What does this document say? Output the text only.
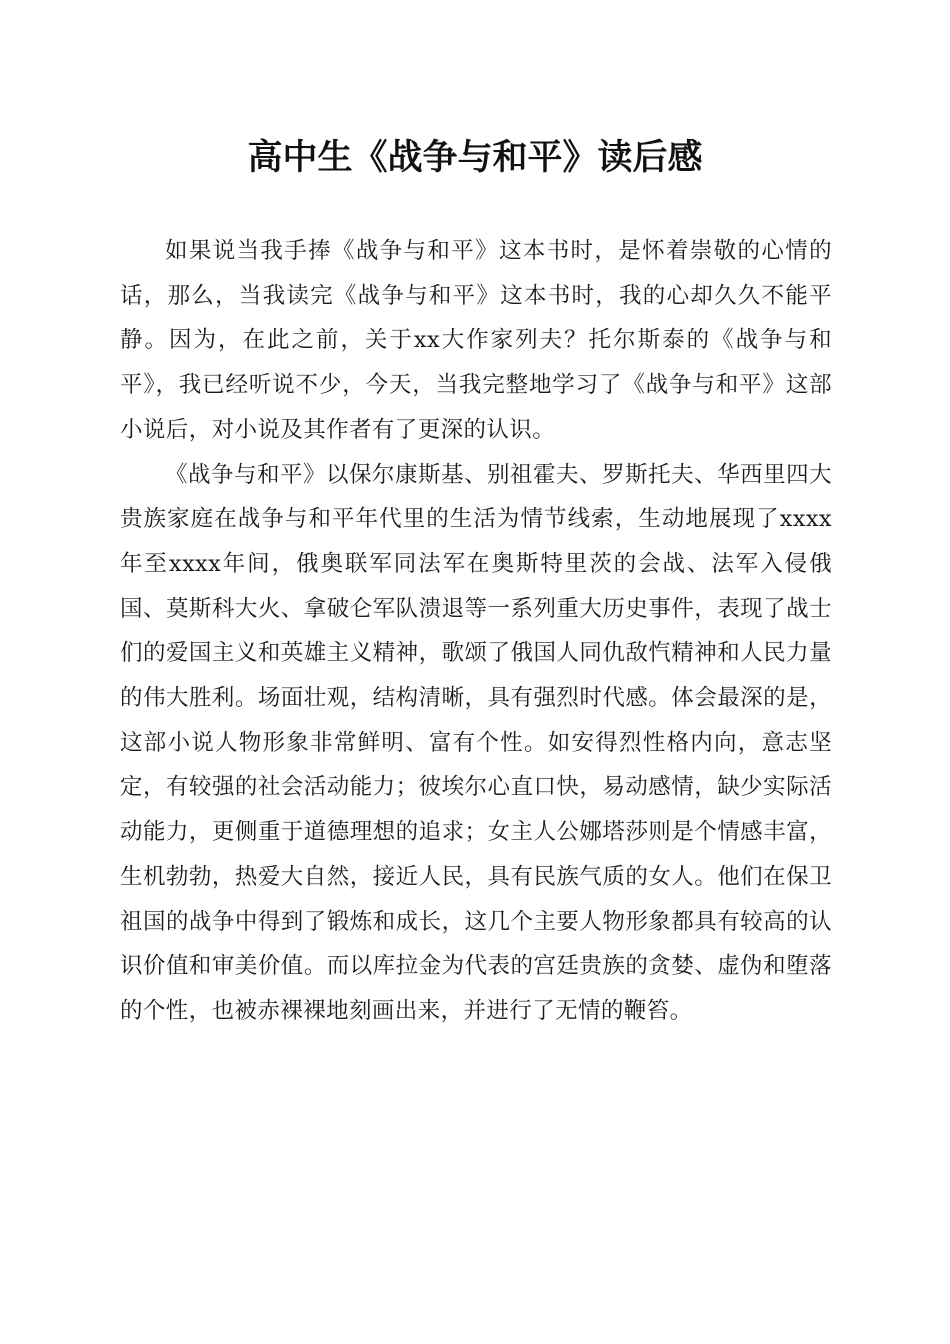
高中生《战争与和平》读后感

如果说当我手捧《战争与和平》这本书时，是怀着崇敬的心情的话，那么，当我读完《战争与和平》这本书时，我的心却久久不能平静。因为，在此之前，关于xx大作家列夫？托尔斯泰的《战争与和平》，我已经听说不少，今天，当我完整地学习了《战争与和平》这部小说后，对小说及其作者有了更深的认识。

《战争与和平》以保尔康斯基、别祖霍夫、罗斯托夫、华西里四大贵族家庭在战争与和平年代里的生活为情节线索，生动地展现了xxxx年至xxxx年间，俄奥联军同法军在奥斯特里茨的会战、法军入侵俄国、莫斯科大火、拿破仑军队溃退等一系列重大历史事件，表现了战士们的爱国主义和英雄主义精神，歌颂了俄国人同仇敌忾精神和人民力量的伟大胜利。场面壮观，结构清晰，具有强烈时代感。体会最深的是，这部小说人物形象非常鲜明、富有个性。如安得烈性格内向，意志坚定，有较强的社会活动能力；彼埃尔心直口快，易动感情，缺少实际活动能力，更侧重于道德理想的追求；女主人公娜塔莎则是个情感丰富，生机勃勃，热爱大自然，接近人民，具有民族气质的女人。他们在保卫祖国的战争中得到了锻炼和成长，这几个主要人物形象都具有较高的认识价值和审美价值。而以库拉金为代表的宫廷贵族的贪婪、虚伪和堕落的个性，也被赤裸裸地刻画出来，并进行了无情的鞭笞。
